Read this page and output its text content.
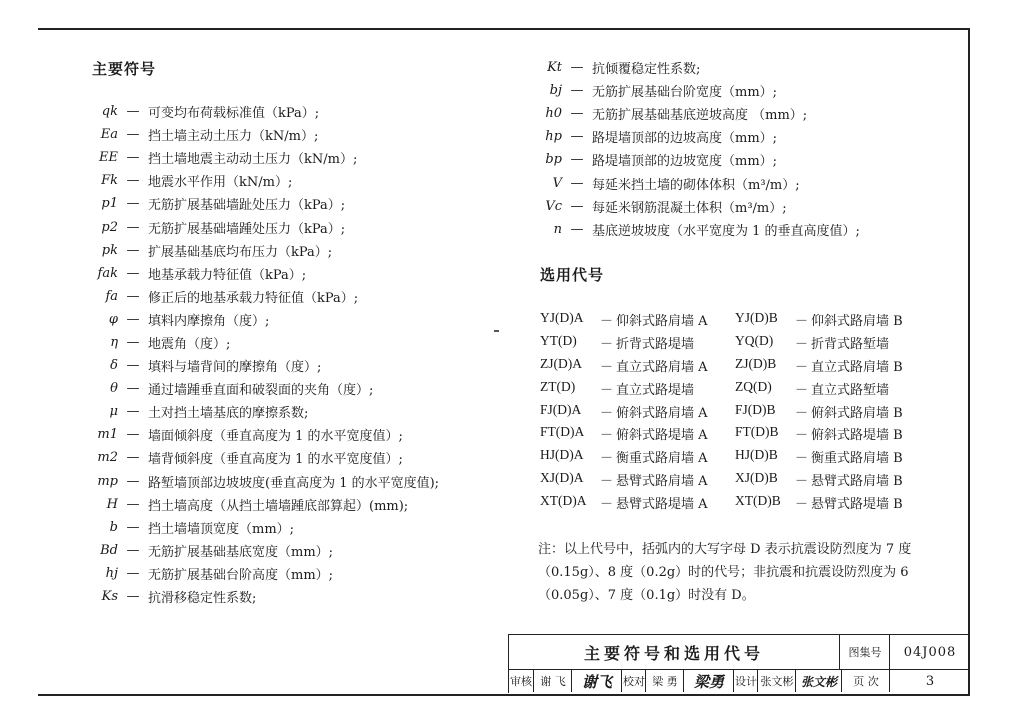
主要符号
qk — 可变均布荷载标准值（kPa）;
Ea — 挡土墙主动土压力（kN/m）;
EE — 挡土墙地震主动动土压力（kN/m）;
Fk — 地震水平作用（kN/m）;
p1 — 无筋扩展基础墙趾处压力（kPa）;
p2 — 无筋扩展基础墙踵处压力（kPa）;
pk — 扩展基础基底均布压力（kPa）;
fak — 地基承载力特征值（kPa）;
fa — 修正后的地基承载力特征值（kPa）;
φ — 填料内摩擦角（度）;
η — 地震角（度）;
δ — 填料与墙背间的摩擦角（度）;
θ — 通过墙踵垂直面和破裂面的夹角（度）;
μ — 土对挡土墙基底的摩擦系数;
m1 — 墙面倾斜度（垂直高度为 1 的水平宽度值）;
m2 — 墙背倾斜度（垂直高度为 1 的水平宽度值）;
mp — 路堑墙顶部边坡坡度(垂直高度为 1 的水平宽度值);
H — 挡土墙高度（从挡土墙墙踵底部算起）(mm);
b — 挡土墙墙顶宽度（mm）;
Bd — 无筋扩展基础基底宽度（mm）;
hj — 无筋扩展基础台阶高度（mm）;
Ks — 抗滑移稳定性系数;
Kt — 抗倾覆稳定性系数;
bj — 无筋扩展基础台阶宽度（mm）;
h0 — 无筋扩展基础基底逆坡高度 （mm）;
hp — 路堤墙顶部的边坡高度（mm）;
bp — 路堤墙顶部的边坡宽度（mm）;
V — 每延米挡土墙的砌体体积（m³/m）;
Vc — 每延米钢筋混凝土体积（m³/m）;
n — 基底逆坡坡度（水平宽度为 1 的垂直高度值）;
选用代号
YJ(D)A	－ 仰斜式路肩墙 A YJ(D)B	－ 仰斜式路肩墙 B
YT(D)	－ 折背式路堤墙	YQ(D)	－ 折背式路堑墙
ZJ(D)A	－ 直立式路肩墙 A ZJ(D)B	－ 直立式路肩墙 B
ZT(D)	－ 直立式路堤墙	ZQ(D)	－ 直立式路堑墙
FJ(D)A	－ 俯斜式路肩墙 A FJ(D)B	－ 俯斜式路肩墙 B
FT(D)A	－ 俯斜式路堤墙 A FT(D)B	－ 俯斜式路堤墙 B
HJ(D)A	－ 衡重式路肩墙 A HJ(D)B	－ 衡重式路肩墙 B
XJ(D)A	－ 悬臂式路肩墙 A XJ(D)B	－ 悬臂式路肩墙 B
XT(D)A	－ 悬臂式路堤墙 A XT(D)B	－ 悬臂式路堤墙 B
注：以上代号中，括弧内的大写字母 D 表示抗震设防烈度为 7 度（0.15g）、8 度（0.2g）时的代号；非抗震和抗震设防烈度为 6（0.05g）、7 度（0.1g）时没有 D。
主要符号和选用代号	图集号	04J008
审核 谢 飞	谢飞	校对 梁 勇	梁勇	设计 张文彬 张文彬	页 次	3
